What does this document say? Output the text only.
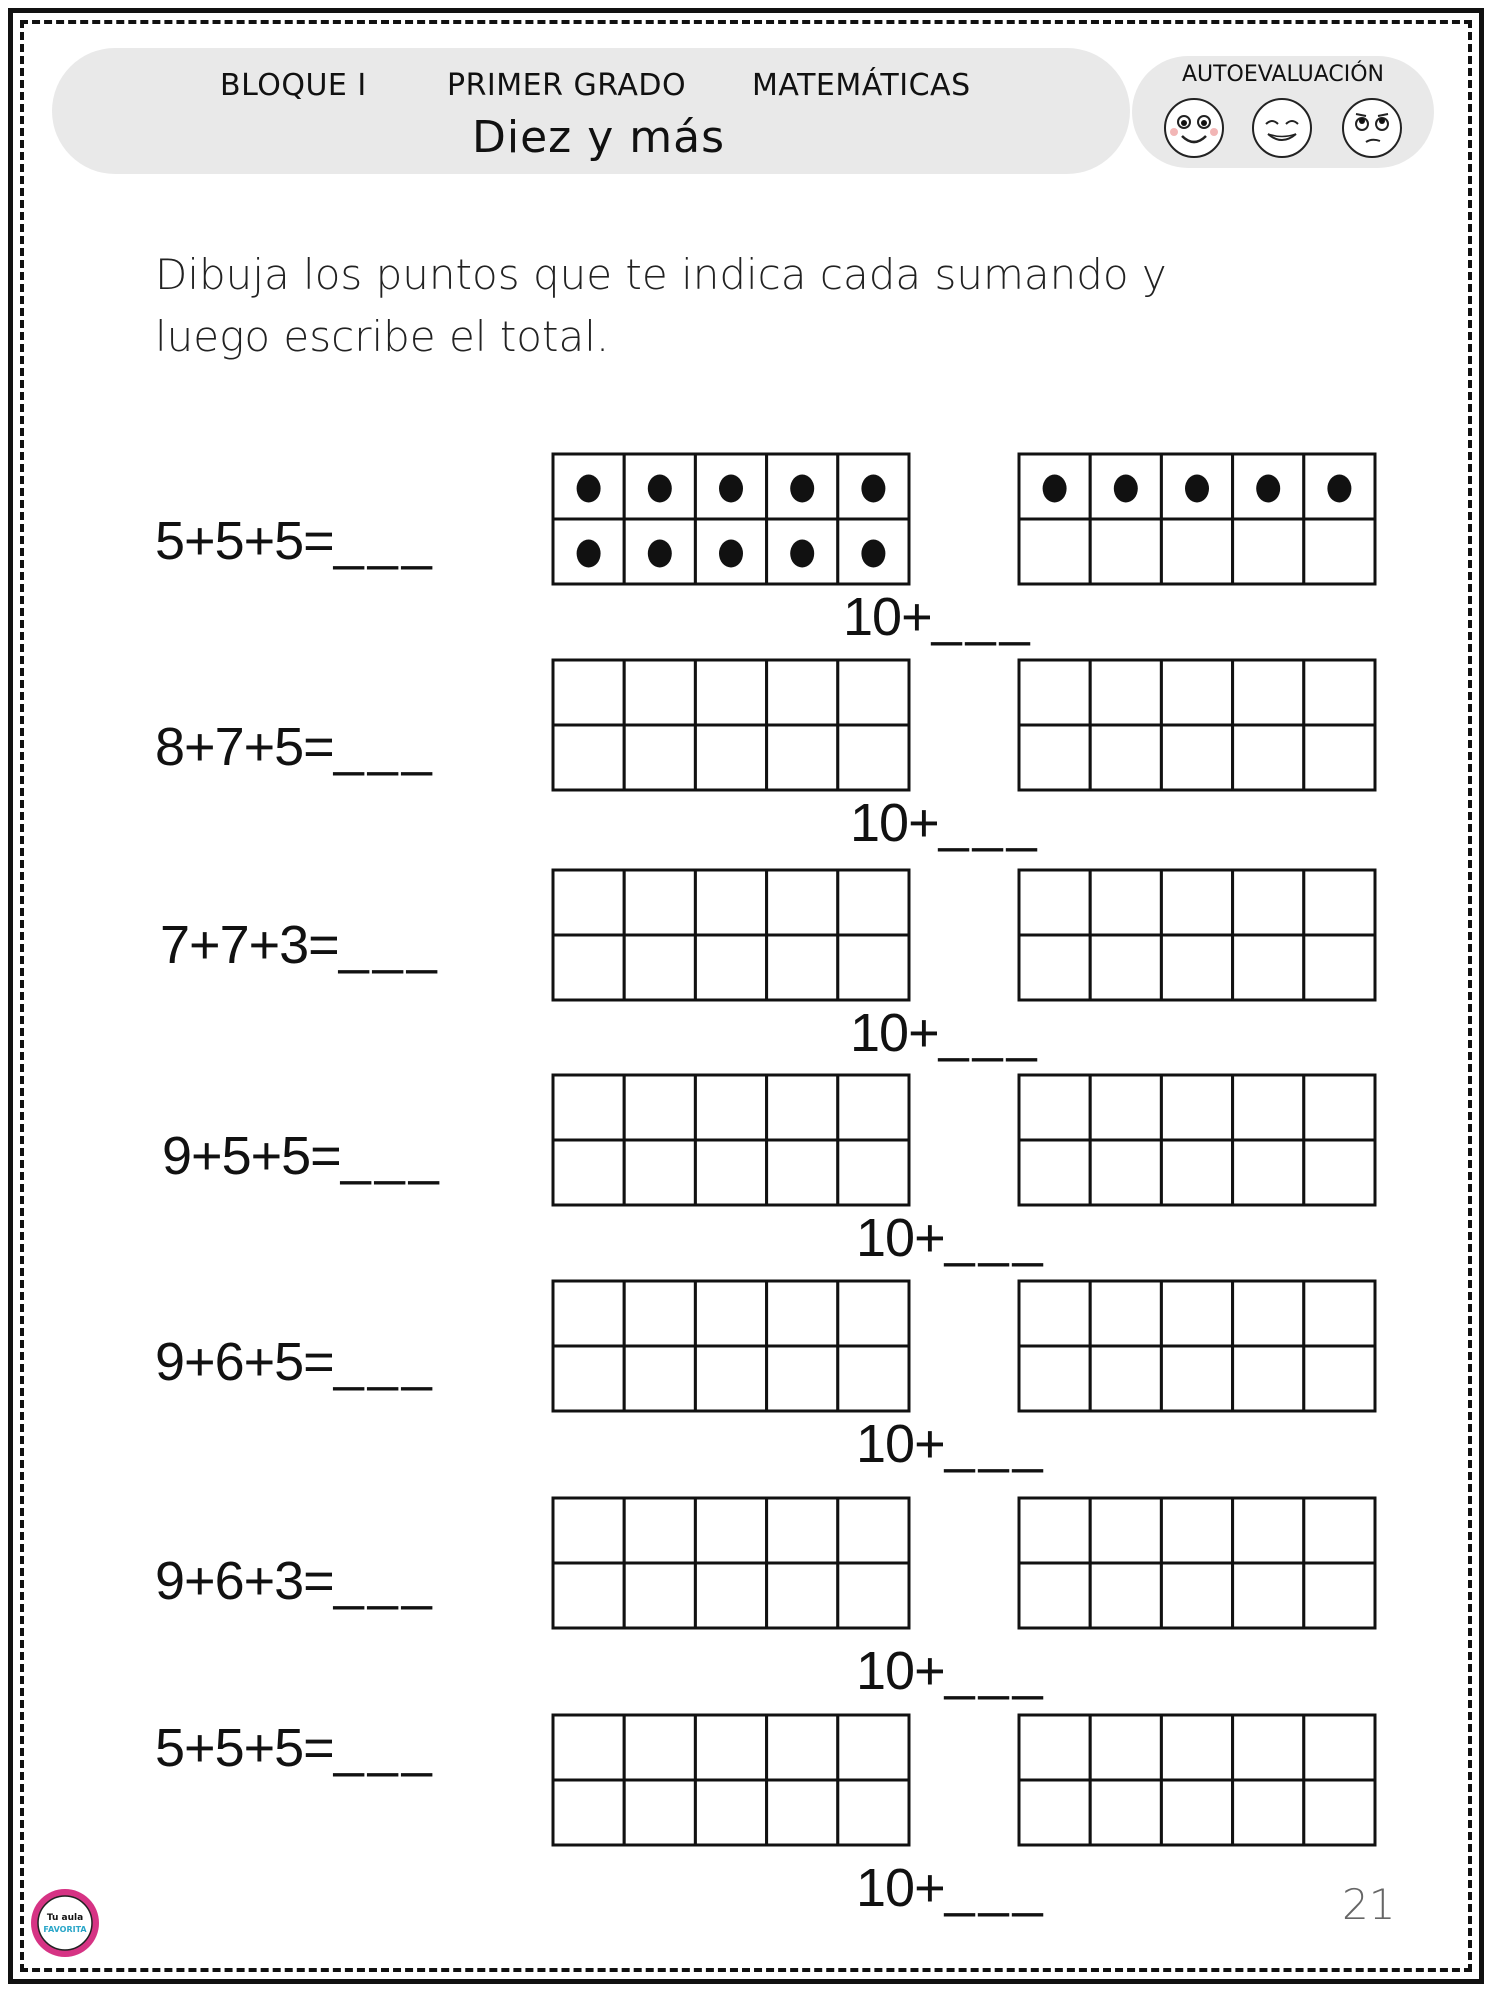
BLOQUE I	PRIMER GRADO MATEMÁTICAS
Diez y más
AUTOEVALUACIÓN
Dibuja los puntos que te indica cada sumando y
luego escribe el total.
5+5+5=___
10+___
8+7+5=___
10+___
7+7+3=___
10+___
9+5+5=___
10+___
9+6+5=___
10+___
9+6+3=___
10+___
5+5+5=___
10+___
Tu aula
FAVORITA
21
